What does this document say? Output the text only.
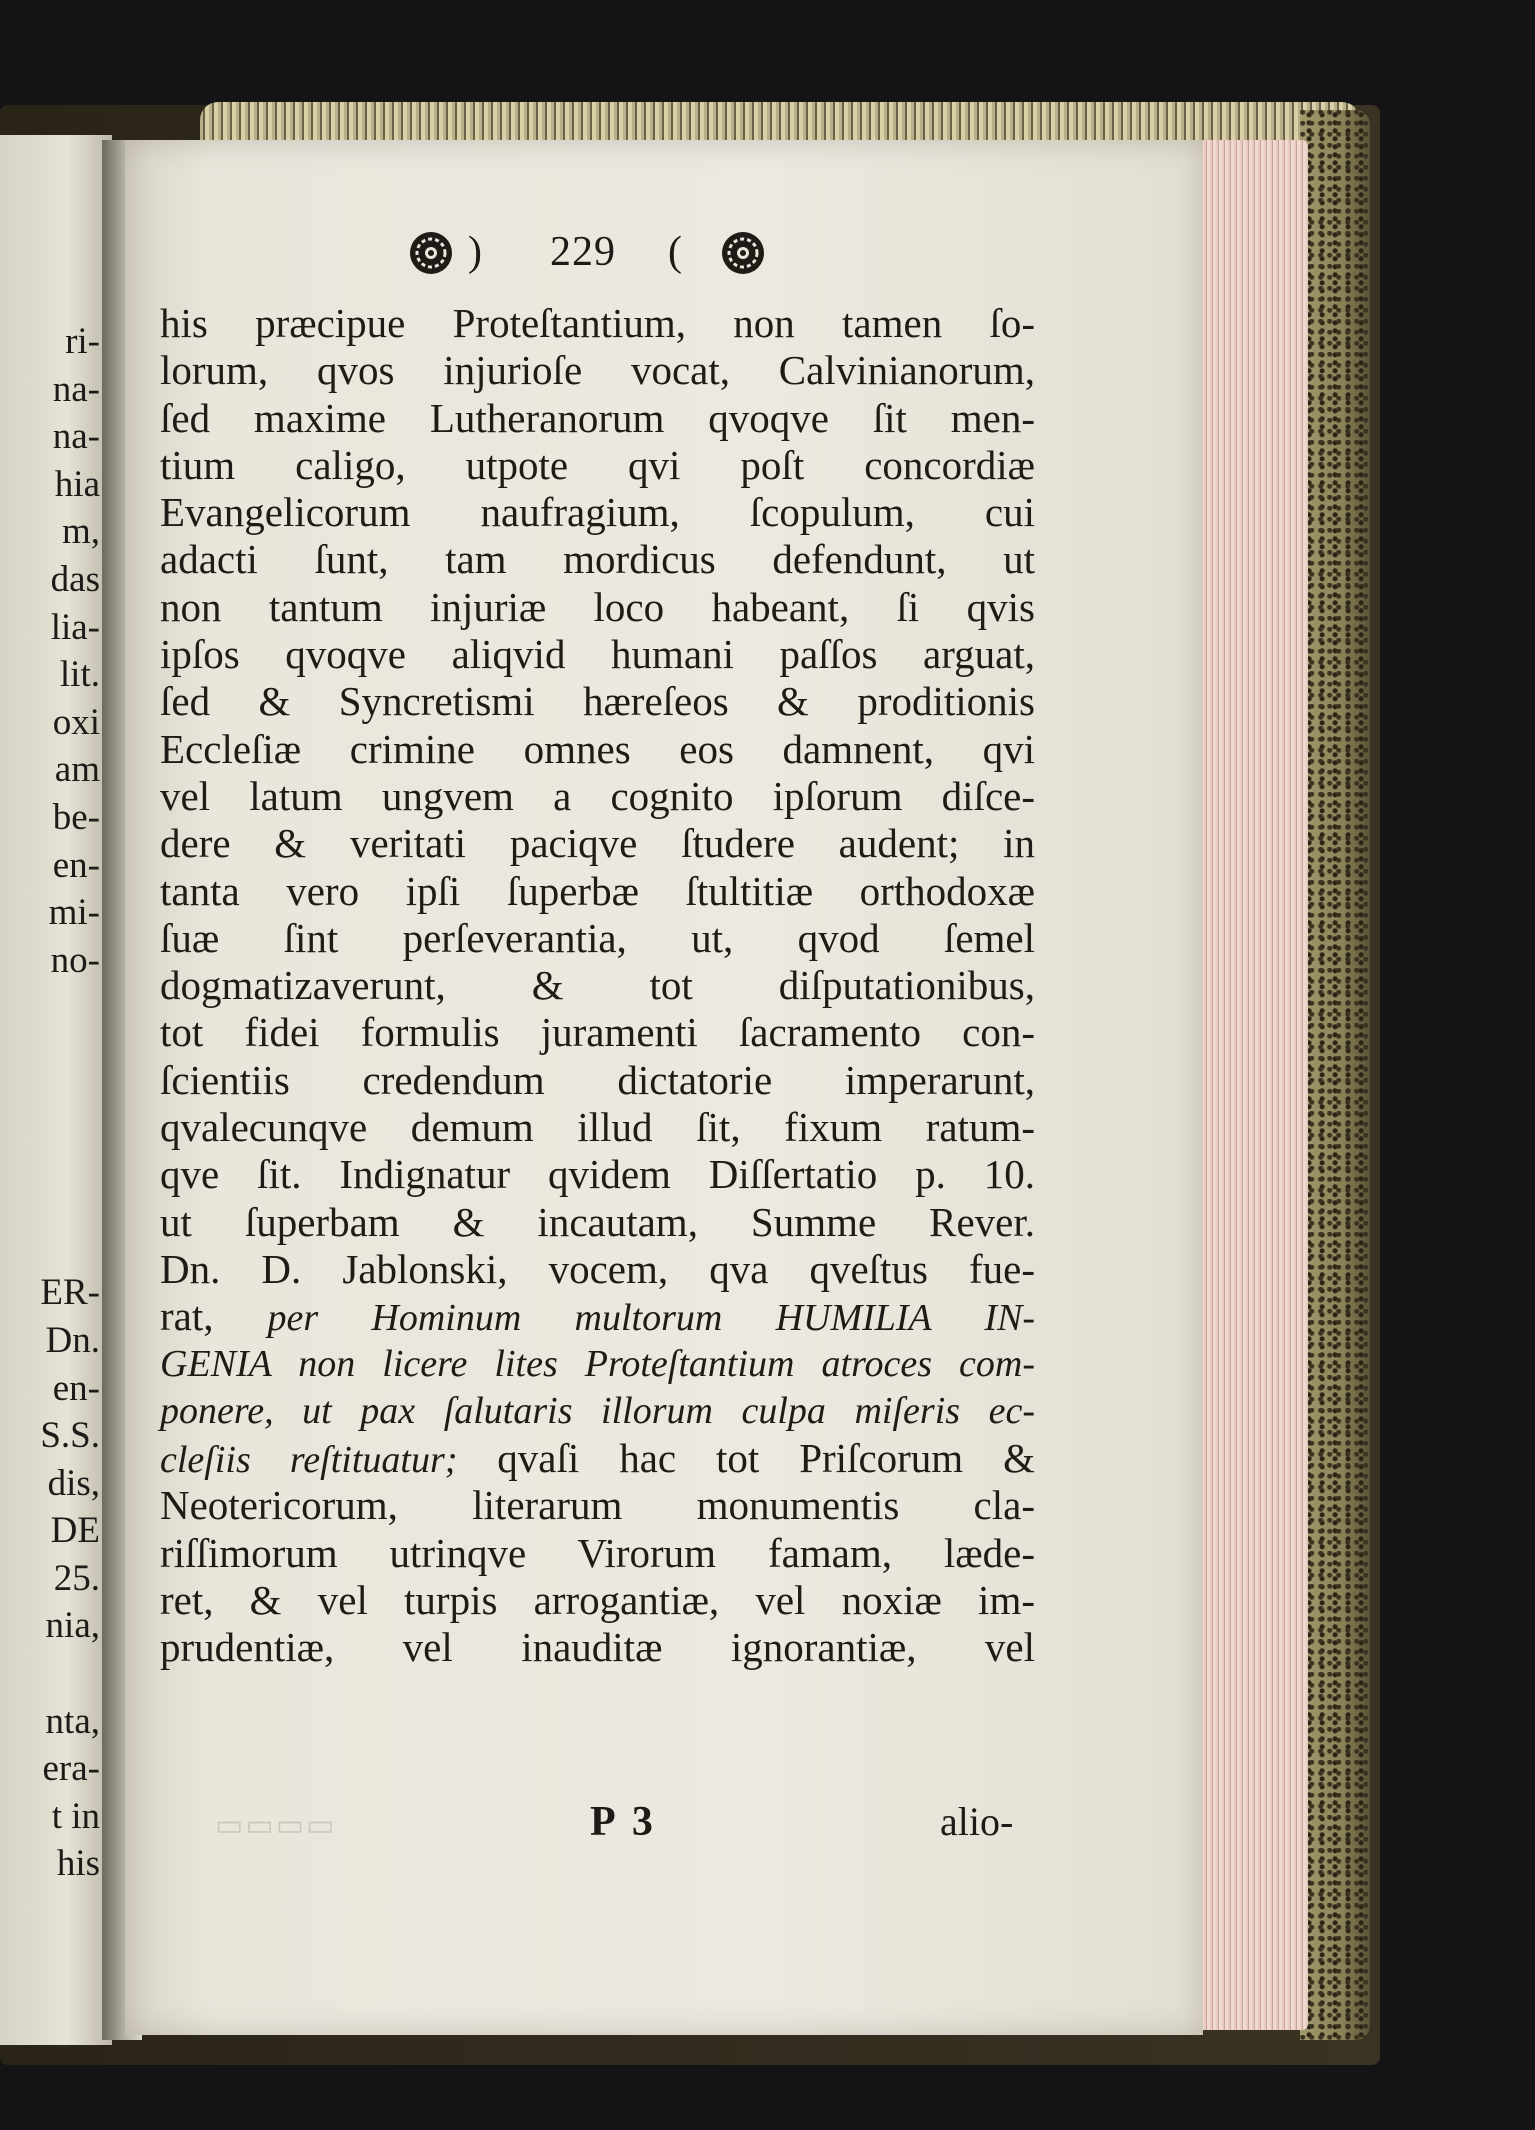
ri-
na-
na-
hia
m,
das
lia-
lit.
oxi
am
be-
en-
mi-
no-
ER-
Dn.
en-
S.S.
dis,
DE
25.
nia,
nta,
era-
t in
his
) 229 (
his præcipue Proteſtantium, non tamen ſo-
lorum, qvos injurioſe vocat, Calvinianorum,
ſed maxime Lutheranorum qvoqve ſit men-
tium caligo, utpote qvi poſt concordiæ
Evangelicorum naufragium, ſcopulum, cui
adacti ſunt, tam mordicus defendunt, ut
non tantum injuriæ loco habeant, ſi qvis
ipſos qvoqve aliqvid humani paſſos arguat,
ſed & Syncretismi hæreſeos & proditionis
Eccleſiæ crimine omnes eos damnent, qvi
vel latum ungvem a cognito ipſorum diſce-
dere & veritati paciqve ſtudere audent; in
tanta vero ipſi ſuperbæ ſtultitiæ orthodoxæ
ſuæ ſint perſeverantia, ut, qvod ſemel
dogmatizaverunt, & tot diſputationibus,
tot fidei formulis juramenti ſacramento con-
ſcientiis credendum dictatorie imperarunt,
qvalecunqve demum illud ſit, fixum ratum-
qve ſit. Indignatur qvidem Diſſertatio p. 10.
ut ſuperbam & incautam, Summe Rever.
Dn. D. Jablonski, vocem, qva qveſtus fue-
rat, per Hominum multorum HUMILIA IN-
GENIA non licere lites Proteſtantium atroces com-
ponere, ut pax ſalutaris illorum culpa miſeris ec-
cleſiis reſtituatur; qvaſi hac tot Priſcorum &
Neotericorum, literarum monumentis cla-
riſſimorum utrinqve Virorum famam, læde-
ret, & vel turpis arrogantiæ, vel noxiæ im-
prudentiæ, vel inauditæ ignorantiæ, vel
▭▭▭▭	P 3	alio-
